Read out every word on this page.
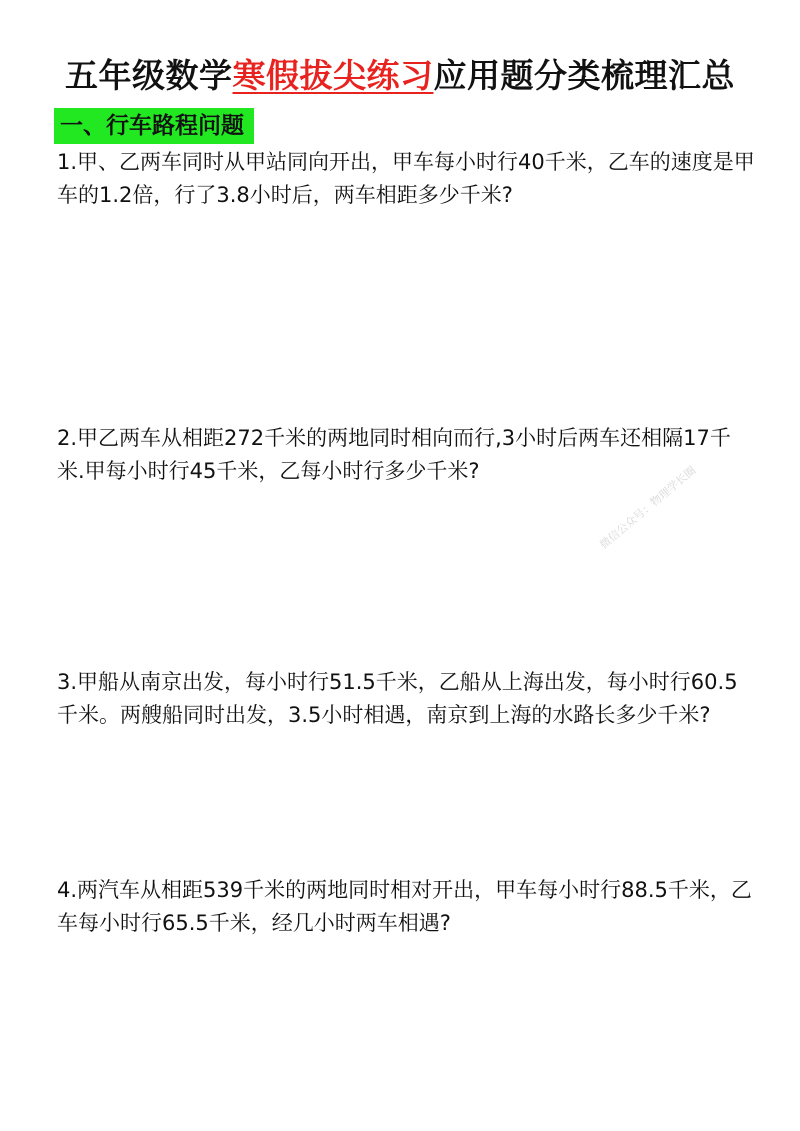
五年级数学寒假拔尖练习应用题分类梳理汇总
一、行车路程问题
1.甲、乙两车同时从甲站同向开出，甲车每小时行40千米，乙车的速度是甲车的1.2倍，行了3.8小时后，两车相距多少千米?
2.甲乙两车从相距272千米的两地同时相向而行,3小时后两车还相隔17千米.甲每小时行45千米，乙每小时行多少千米?
3.甲船从南京出发，每小时行51.5千米，乙船从上海出发，每小时行60.5千米。两艘船同时出发，3.5小时相遇，南京到上海的水路长多少千米?
4.两汽车从相距539千米的两地同时相对开出，甲车每小时行88.5千米，乙车每小时行65.5千米，经几小时两车相遇?
微信公众号：物理学长圈
